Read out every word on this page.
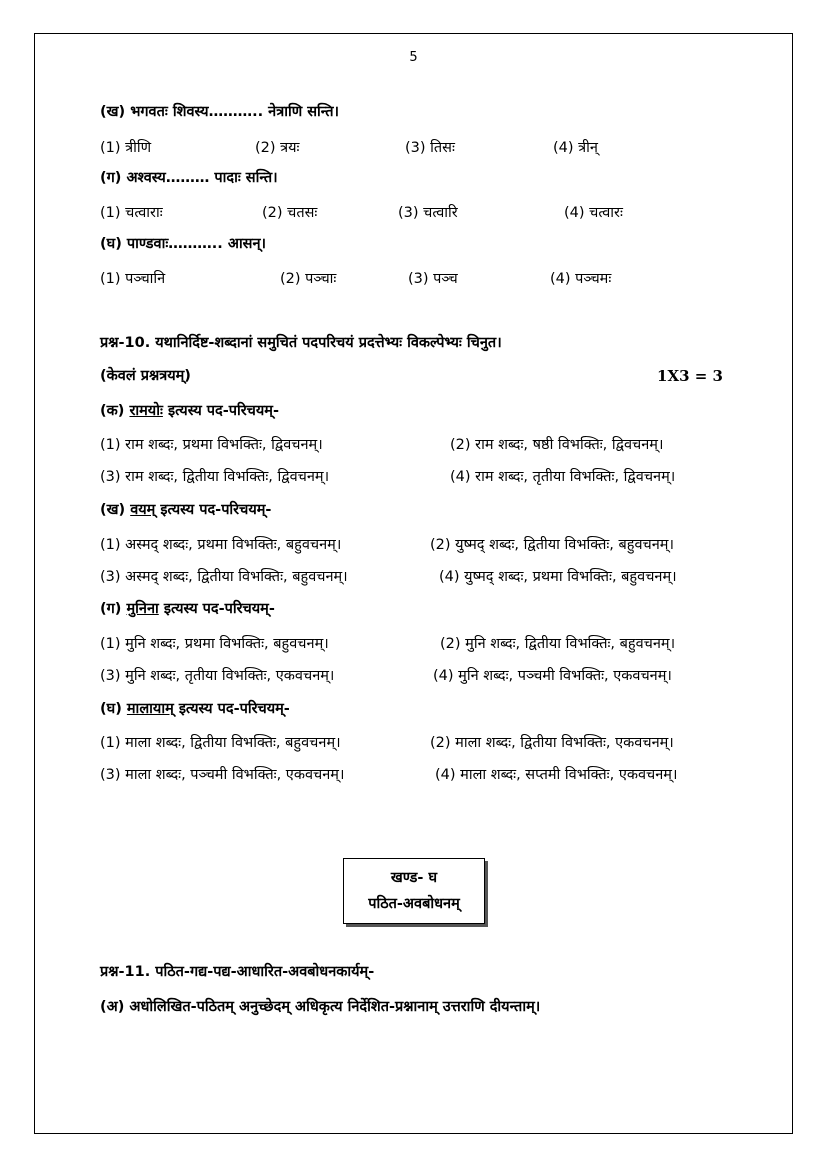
5
(ख) भगवतः शिवस्य……….. नेत्राणि सन्ति।
(1) त्रीणि	(2) त्रयः	(3) तिसः	(4) त्रीन्
(ग) अश्वस्य……… पादाः सन्ति।
(1) चत्वाराः	(2) चतसः	(3) चत्वारि	(4) चत्वारः
(घ) पाण्डवाः……….. आसन्।
(1) पञ्चानि	(2) पञ्चाः	(3) पञ्च	(4) पञ्चमः
प्रश्न-10. यथानिर्दिष्ट-शब्दानां समुचितं पदपरिचयं प्रदत्तेभ्यः विकल्पेभ्यः चिनुत।
(केवलं प्रश्नत्रयम्)	1X3 = 3
(क) रामयोः इत्यस्य पद-परिचयम्-
(1) राम शब्दः, प्रथमा विभक्तिः, द्विवचनम्।	(2) राम शब्दः, षष्ठी विभक्तिः, द्विवचनम्।
(3) राम शब्दः, द्वितीया विभक्तिः, द्विवचनम्।	(4) राम शब्दः, तृतीया विभक्तिः, द्विवचनम्।
(ख) वयम् इत्यस्य पद-परिचयम्-
(1) अस्मद् शब्दः, प्रथमा विभक्तिः, बहुवचनम्।	(2) युष्मद् शब्दः, द्वितीया विभक्तिः, बहुवचनम्।
(3) अस्मद् शब्दः, द्वितीया विभक्तिः, बहुवचनम्।	(4) युष्मद् शब्दः, प्रथमा विभक्तिः, बहुवचनम्।
(ग) मुनिना इत्यस्य पद-परिचयम्-
(1) मुनि शब्दः, प्रथमा विभक्तिः, बहुवचनम्।	(2) मुनि शब्दः, द्वितीया विभक्तिः, बहुवचनम्।
(3) मुनि शब्दः, तृतीया विभक्तिः, एकवचनम्।	(4) मुनि शब्दः, पञ्चमी विभक्तिः, एकवचनम्।
(घ) मालायाम् इत्यस्य पद-परिचयम्-
(1) माला शब्दः, द्वितीया विभक्तिः, बहुवचनम्।	(2) माला शब्दः, द्वितीया विभक्तिः, एकवचनम्।
(3) माला शब्दः, पञ्चमी विभक्तिः, एकवचनम्।	(4) माला शब्दः, सप्तमी विभक्तिः, एकवचनम्।
खण्ड- घ
पठित-अवबोधनम्
प्रश्न-11. पठित-गद्य-पद्य-आधारित-अवबोधनकार्यम्-
(अ) अधोलिखित-पठितम् अनुच्छेदम् अधिकृत्य निर्देशित-प्रश्नानाम् उत्तराणि दीयन्ताम्।
